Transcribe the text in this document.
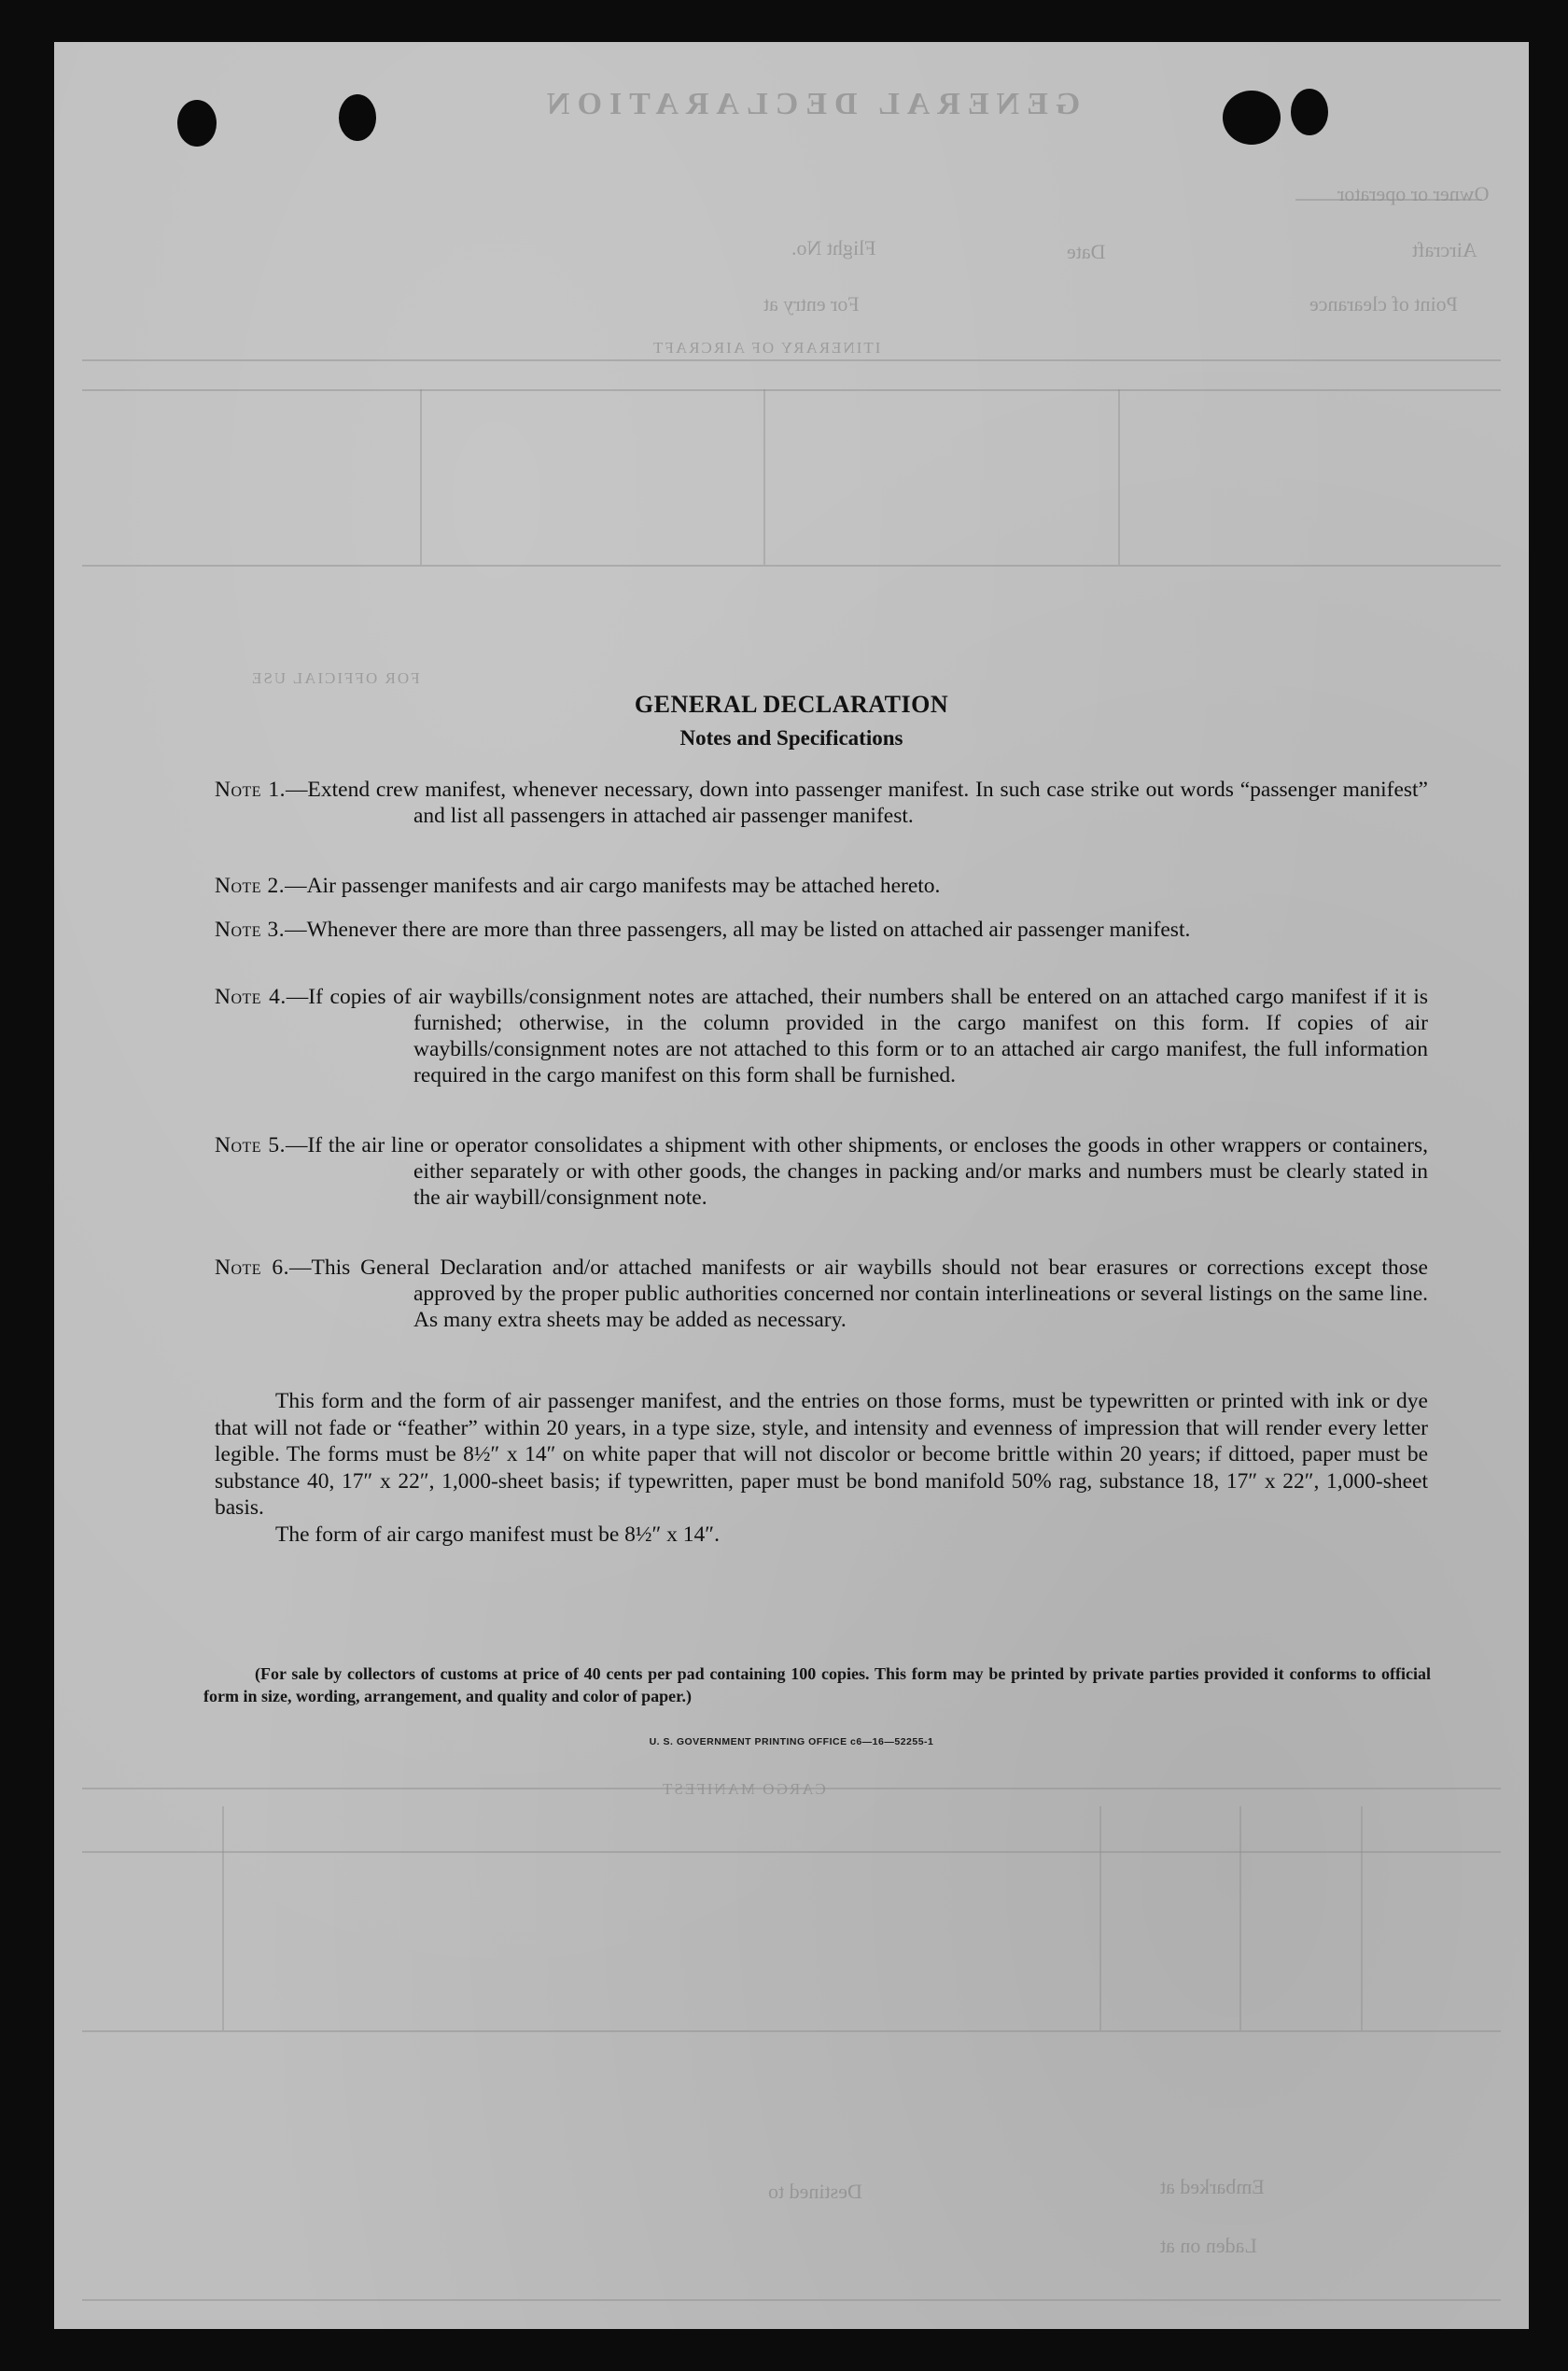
GENERAL DECLARATION
Owner or operator
Aircraft
Flight No.	Date
Point of clearance
For entry at
ITINERARY OF AIRCRAFT
FOR OFFICIAL USE
CARGO MANIFEST
Embarked at
Laden on at
Destined to
GENERAL DECLARATION
Notes and Specifications
Note 1.—Extend crew manifest, whenever necessary, down into passenger manifest. In such case strike out words “passenger manifest” and list all passengers in attached air passenger manifest.
Note 2.—Air passenger manifests and air cargo manifests may be attached hereto.
Note 3.—Whenever there are more than three passengers, all may be listed on attached air passenger manifest.
Note 4.—If copies of air waybills/consignment notes are attached, their numbers shall be entered on an attached cargo manifest if it is furnished; otherwise, in the column provided in the cargo manifest on this form. If copies of air waybills/consignment notes are not attached to this form or to an attached air cargo manifest, the full information required in the cargo manifest on this form shall be furnished.
Note 5.—If the air line or operator consolidates a shipment with other shipments, or encloses the goods in other wrappers or containers, either separately or with other goods, the changes in packing and/or marks and numbers must be clearly stated in the air waybill/consignment note.
Note 6.—This General Declaration and/or attached manifests or air waybills should not bear erasures or corrections except those approved by the proper public authorities concerned nor contain interlineations or several listings on the same line. As many extra sheets may be added as necessary.

This form and the form of air passenger manifest, and the entries on those forms, must be typewritten or printed with ink or dye that will not fade or “feather” within 20 years, in a type size, style, and intensity and evenness of impression that will render every letter legible. The forms must be 8½″ x 14″ on white paper that will not discolor or become brittle within 20 years; if dittoed, paper must be substance 40, 17″ x 22″, 1,000-sheet basis; if typewritten, paper must be bond manifold 50% rag, substance 18, 17″ x 22″, 1,000-sheet basis.

The form of air cargo manifest must be 8½″ x 14″.

(For sale by collectors of customs at price of 40 cents per pad containing 100 copies. This form may be printed by private parties provided it conforms to official form in size, wording, arrangement, and quality and color of paper.)
U. S. GOVERNMENT PRINTING OFFICE c6—16—52255-1
